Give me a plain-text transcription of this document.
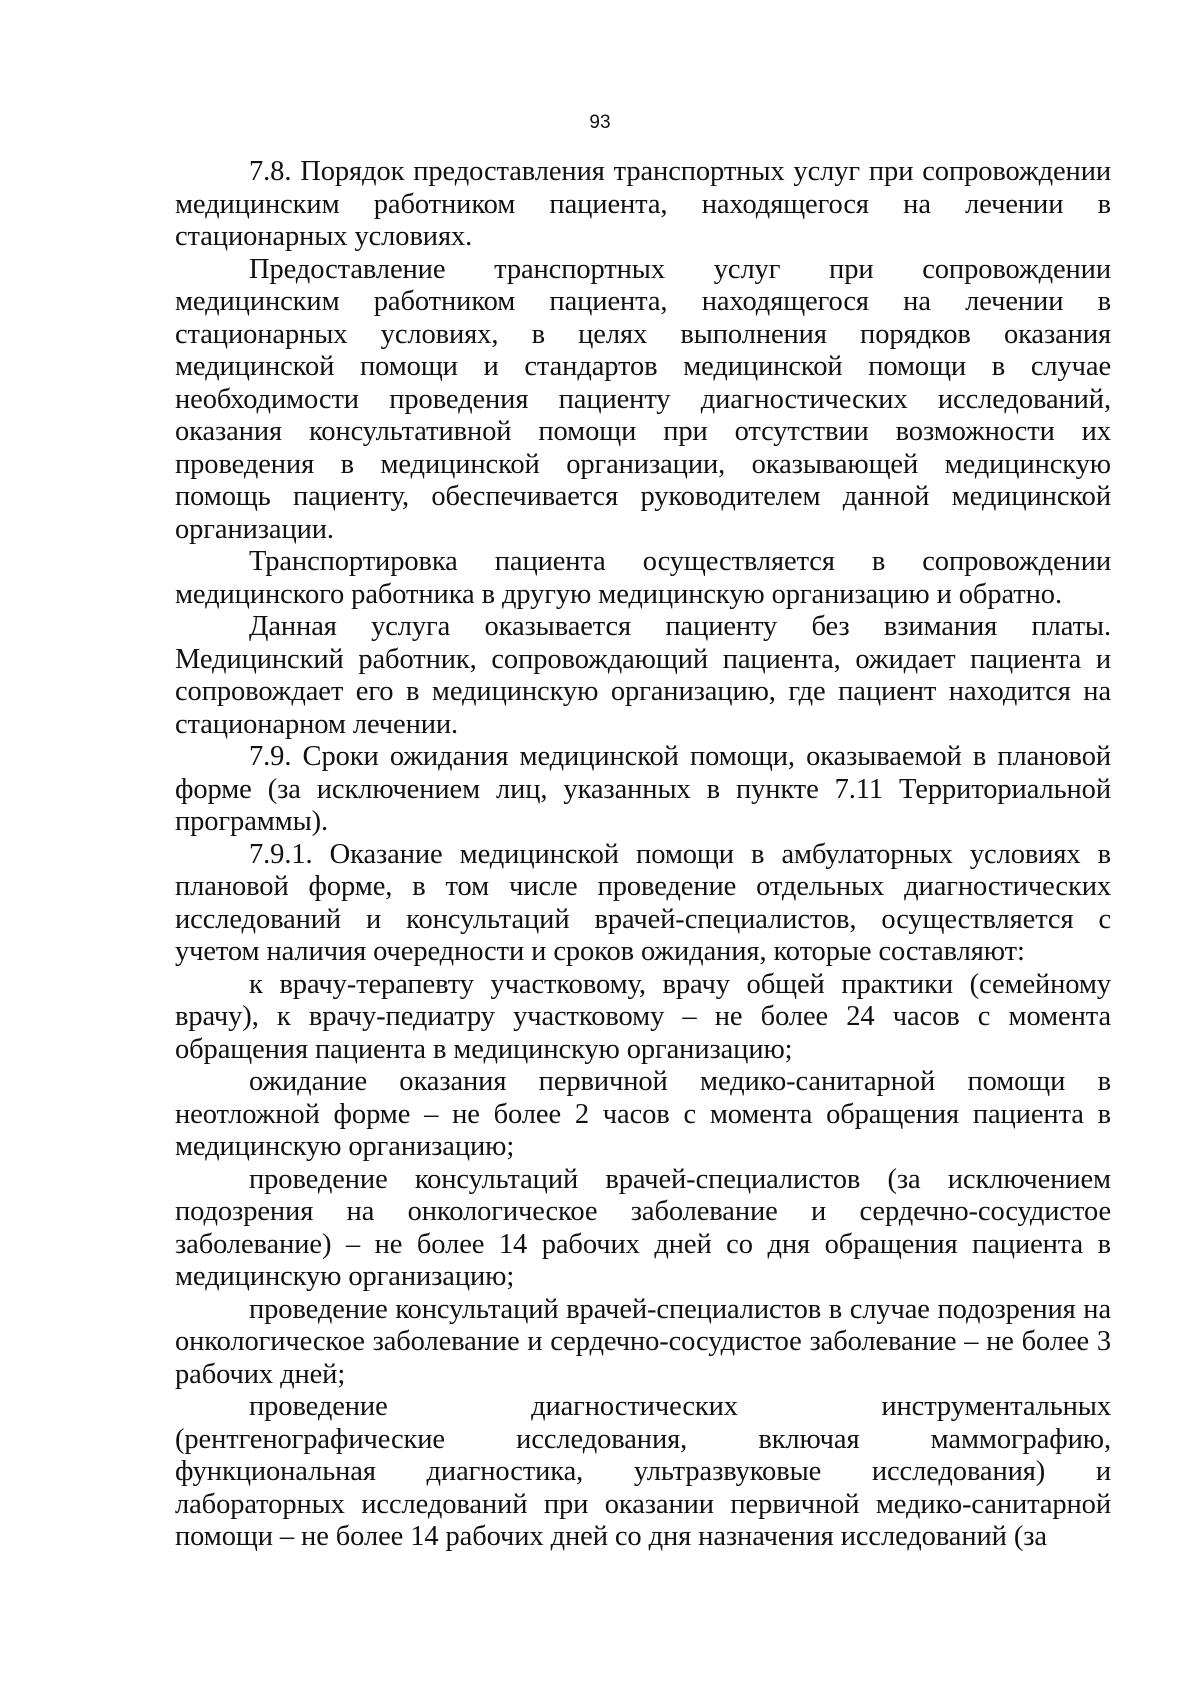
93

7.8. Порядок предоставления транспортных услуг при сопровождении медицинским работником пациента, находящегося на лечении в стационарных условиях.

Предоставление транспортных услуг при сопровождении медицинским работником пациента, находящегося на лечении в стационарных условиях, в целях выполнения порядков оказания медицинской помощи и стандартов медицинской помощи в случае необходимости проведения пациенту диагностических исследований, оказания консультативной помощи при отсутствии возможности их проведения в медицинской организации, оказывающей медицинскую помощь пациенту, обеспечивается руководителем данной медицинской организации.

Транспортировка пациента осуществляется в сопровождении медицинского работника в другую медицинскую организацию и обратно.

Данная услуга оказывается пациенту без взимания платы. Медицинский работник, сопровождающий пациента, ожидает пациента и сопровождает его в медицинскую организацию, где пациент находится на стационарном лечении.

7.9. Сроки ожидания медицинской помощи, оказываемой в плановой форме (за исключением лиц, указанных в пункте 7.11 Территориальной программы).

7.9.1. Оказание медицинской помощи в амбулаторных условиях в плановой форме, в том числе проведение отдельных диагностических исследований и консультаций врачей-специалистов, осуществляется с учетом наличия очередности и сроков ожидания, которые составляют:

к врачу-терапевту участковому, врачу общей практики (семейному врачу), к врачу-педиатру участковому – не более 24 часов с момента обращения пациента в медицинскую организацию;

ожидание оказания первичной медико-санитарной помощи в неотложной форме – не более 2 часов с момента обращения пациента в медицинскую организацию;

проведение консультаций врачей-специалистов (за исключением подозрения на онкологическое заболевание и сердечно-сосудистое заболевание) – не более 14 рабочих дней со дня обращения пациента в медицинскую организацию;

проведение консультаций врачей-специалистов в случае подозрения на онкологическое заболевание и сердечно-сосудистое заболевание – не более 3 рабочих дней;

проведение диагностических инструментальных (рентгенографические исследования, включая маммографию, функциональная диагностика, ультразвуковые исследования) и лабораторных исследований при оказании первичной медико-санитарной помощи – не более 14 рабочих дней со дня назначения исследований (за
